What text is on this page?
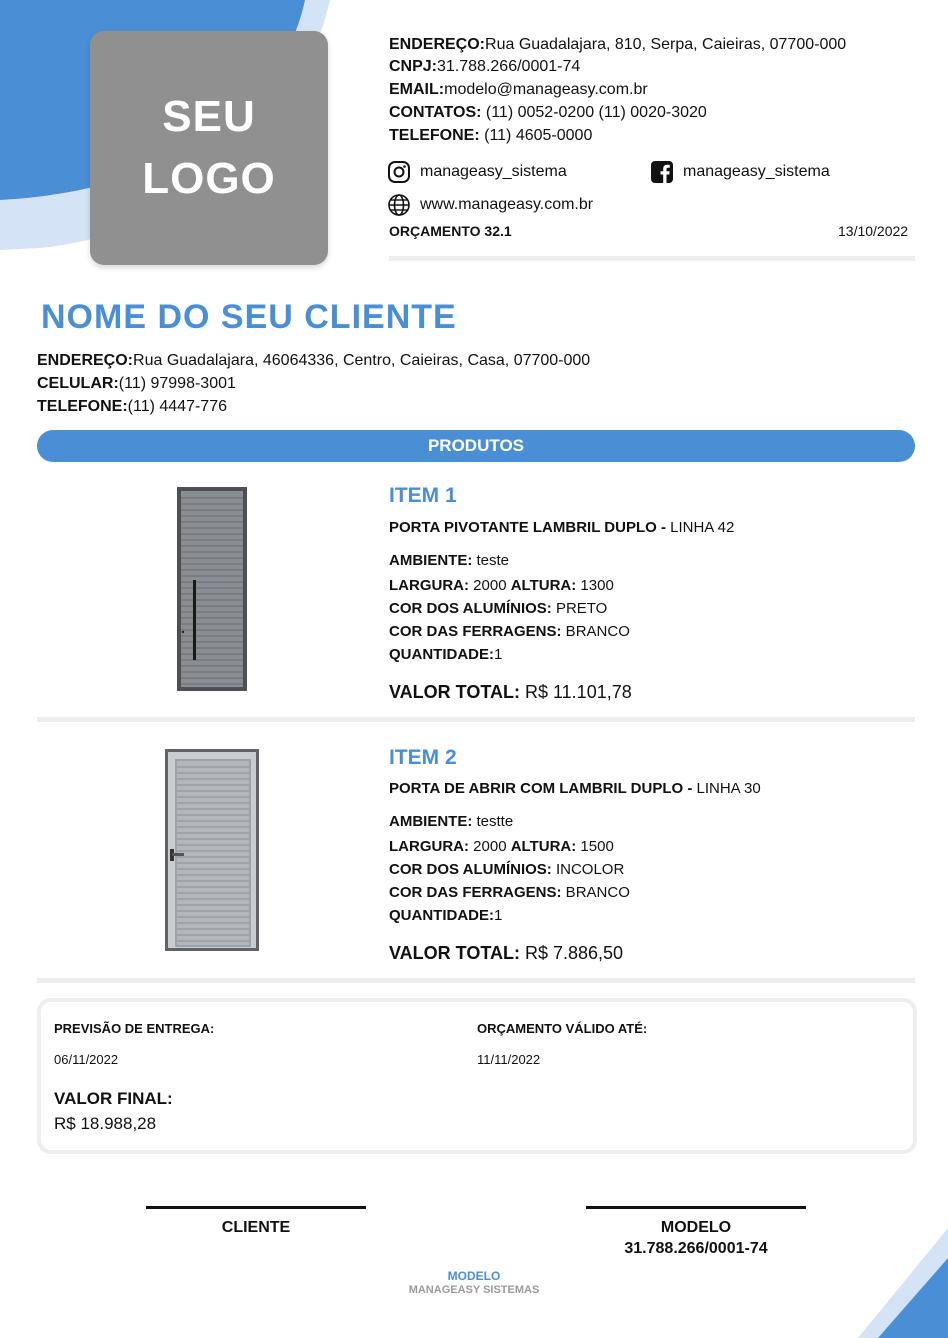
SEU
LOGO
ENDEREÇO:Rua Guadalajara, 810, Serpa, Caieiras, 07700-000
CNPJ:31.788.266/0001-74
EMAIL:modelo@manageasy.com.br
CONTATOS: (11) 0052-0200 (11) 0020-3020
TELEFONE: (11) 4605-0000
manageasy_sistema	manageasy_sistema
www.manageasy.com.br
ORÇAMENTO 32.1	13/10/2022
NOME DO SEU CLIENTE
ENDEREÇO:Rua Guadalajara, 46064336, Centro, Caieiras, Casa, 07700-000
CELULAR:(11) 97998-3001
TELEFONE:(11) 4447-776
PRODUTOS
ITEM 1
PORTA PIVOTANTE LAMBRIL DUPLO - LINHA 42
AMBIENTE: teste
LARGURA: 2000 ALTURA: 1300
COR DOS ALUMÍNIOS: PRETO
COR DAS FERRAGENS: BRANCO
QUANTIDADE:1
VALOR TOTAL: R$ 11.101,78
ITEM 2
PORTA DE ABRIR COM LAMBRIL DUPLO - LINHA 30
AMBIENTE: testte
LARGURA: 2000 ALTURA: 1500
COR DOS ALUMÍNIOS: INCOLOR
COR DAS FERRAGENS: BRANCO
QUANTIDADE:1
VALOR TOTAL: R$ 7.886,50
PREVISÃO DE ENTREGA:
06/11/2022
ORÇAMENTO VÁLIDO ATÉ:
11/11/2022
VALOR FINAL:
R$ 18.988,28
CLIENTE	MODELO
31.788.266/0001-74
MODELO
MANAGEASY SISTEMAS
